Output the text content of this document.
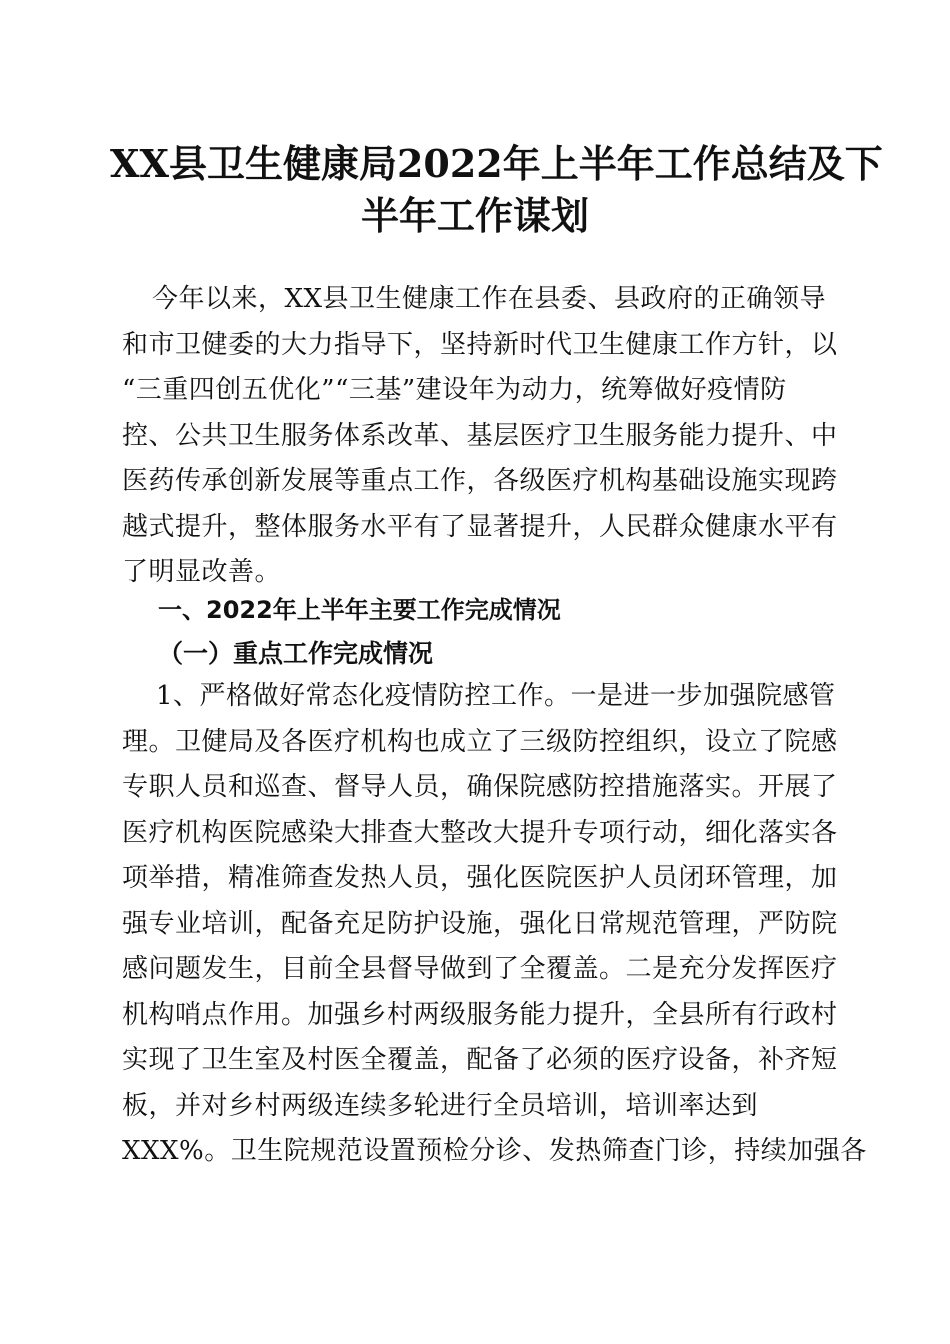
XX县卫生健康局2022年上半年工作总结及下
半年工作谋划

今年以来，XX县卫生健康工作在县委、县政府的正确领导
和市卫健委的大力指导下，坚持新时代卫生健康工作方针，以
“三重四创五优化”“三基”建设年为动力，统筹做好疫情防
控、公共卫生服务体系改革、基层医疗卫生服务能力提升、中
医药传承创新发展等重点工作，各级医疗机构基础设施实现跨
越式提升，整体服务水平有了显著提升，人民群众健康水平有
了明显改善。

一、2022年上半年主要工作完成情况
（一）重点工作完成情况

1、严格做好常态化疫情防控工作。一是进一步加强院感管
理。卫健局及各医疗机构也成立了三级防控组织，设立了院感
专职人员和巡查、督导人员，确保院感防控措施落实。开展了
医疗机构医院感染大排查大整改大提升专项行动，细化落实各
项举措，精准筛查发热人员，强化医院医护人员闭环管理，加
强专业培训，配备充足防护设施，强化日常规范管理，严防院
感问题发生，目前全县督导做到了全覆盖。二是充分发挥医疗
机构哨点作用。加强乡村两级服务能力提升，全县所有行政村
实现了卫生室及村医全覆盖，配备了必须的医疗设备，补齐短
板，并对乡村两级连续多轮进行全员培训，培训率达到
XXX%。卫生院规范设置预检分诊、发热筛查门诊，持续加强各
